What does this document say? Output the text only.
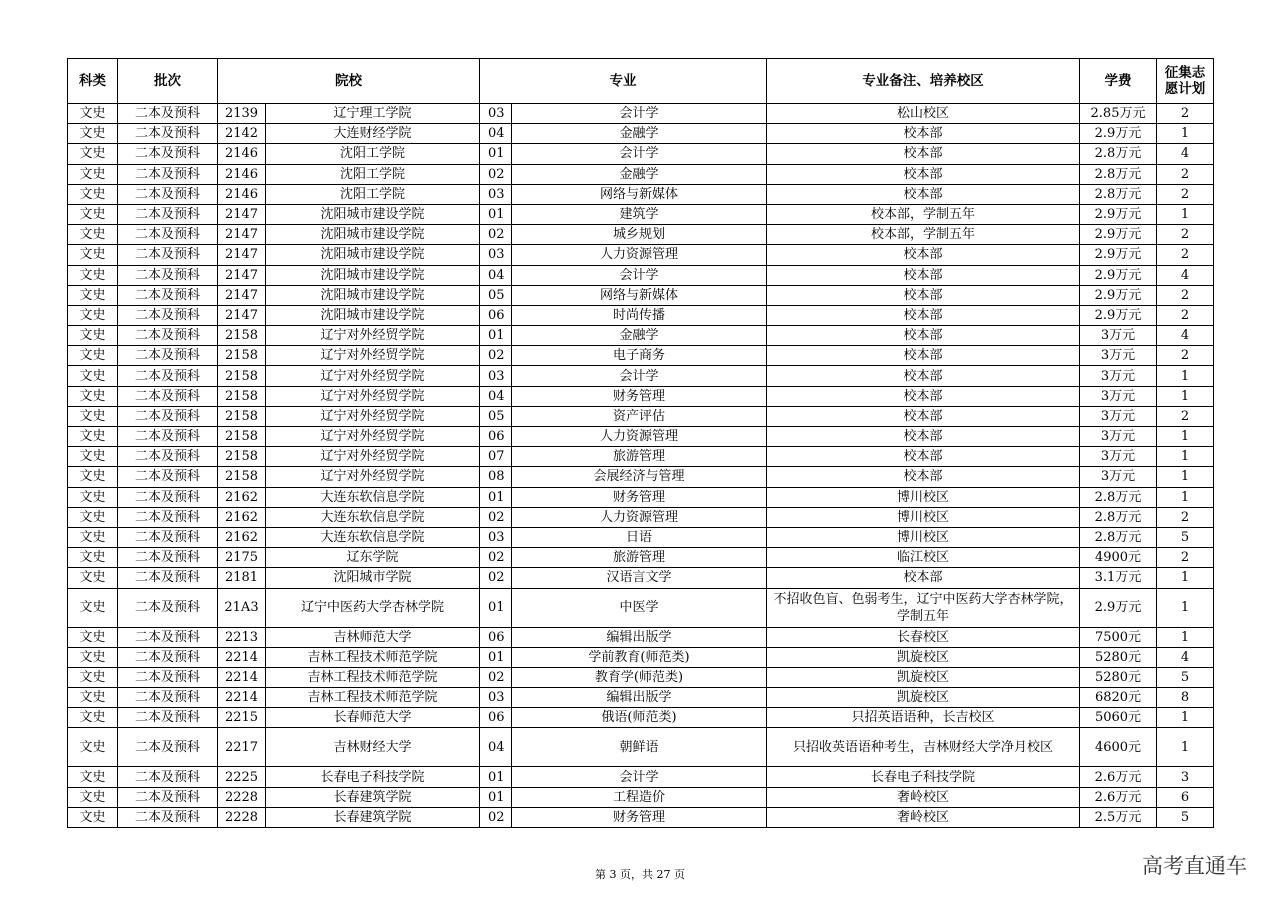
科类	批次	院校		专业		专业备注、培养校区	学费	征集志愿计划
文史	二本及预科	2139	辽宁理工学院	03	会计学	松山校区	2.85万元	2
文史	二本及预科	2142	大连财经学院	04	金融学	校本部	2.9万元	1
文史	二本及预科	2146	沈阳工学院	01	会计学	校本部	2.8万元	4
文史	二本及预科	2146	沈阳工学院	02	金融学	校本部	2.8万元	2
文史	二本及预科	2146	沈阳工学院	03	网络与新媒体	校本部	2.8万元	2
文史	二本及预科	2147	沈阳城市建设学院	01	建筑学	校本部，学制五年	2.9万元	1
文史	二本及预科	2147	沈阳城市建设学院	02	城乡规划	校本部，学制五年	2.9万元	2
文史	二本及预科	2147	沈阳城市建设学院	03	人力资源管理	校本部	2.9万元	2
文史	二本及预科	2147	沈阳城市建设学院	04	会计学	校本部	2.9万元	4
文史	二本及预科	2147	沈阳城市建设学院	05	网络与新媒体	校本部	2.9万元	2
文史	二本及预科	2147	沈阳城市建设学院	06	时尚传播	校本部	2.9万元	2
文史	二本及预科	2158	辽宁对外经贸学院	01	金融学	校本部	3万元	4
文史	二本及预科	2158	辽宁对外经贸学院	02	电子商务	校本部	3万元	2
文史	二本及预科	2158	辽宁对外经贸学院	03	会计学	校本部	3万元	1
文史	二本及预科	2158	辽宁对外经贸学院	04	财务管理	校本部	3万元	1
文史	二本及预科	2158	辽宁对外经贸学院	05	资产评估	校本部	3万元	2
文史	二本及预科	2158	辽宁对外经贸学院	06	人力资源管理	校本部	3万元	1
文史	二本及预科	2158	辽宁对外经贸学院	07	旅游管理	校本部	3万元	1
文史	二本及预科	2158	辽宁对外经贸学院	08	会展经济与管理	校本部	3万元	1
文史	二本及预科	2162	大连东软信息学院	01	财务管理	博川校区	2.8万元	1
文史	二本及预科	2162	大连东软信息学院	02	人力资源管理	博川校区	2.8万元	2
文史	二本及预科	2162	大连东软信息学院	03	日语	博川校区	2.8万元	5
文史	二本及预科	2175	辽东学院	02	旅游管理	临江校区	4900元	2
文史	二本及预科	2181	沈阳城市学院	02	汉语言文学	校本部	3.1万元	1
文史	二本及预科	21A3	辽宁中医药大学杏林学院	01	中医学	不招收色盲、色弱考生，辽宁中医药大学杏林学院，学制五年	2.9万元	1
文史	二本及预科	2213	吉林师范大学	06	编辑出版学	长春校区	7500元	1
文史	二本及预科	2214	吉林工程技术师范学院	01	学前教育(师范类)	凯旋校区	5280元	4
文史	二本及预科	2214	吉林工程技术师范学院	02	教育学(师范类)	凯旋校区	5280元	5
文史	二本及预科	2214	吉林工程技术师范学院	03	编辑出版学	凯旋校区	6820元	8
文史	二本及预科	2215	长春师范大学	06	俄语(师范类)	只招英语语种，长吉校区	5060元	1
文史	二本及预科	2217	吉林财经大学	04	朝鲜语	只招收英语语种考生，吉林财经大学净月校区	4600元	1
文史	二本及预科	2225	长春电子科技学院	01	会计学	长春电子科技学院	2.6万元	3
文史	二本及预科	2228	长春建筑学院	01	工程造价	奢岭校区	2.6万元	6
文史	二本及预科	2228	长春建筑学院	02	财务管理	奢岭校区	2.5万元	5
第 3 页，共 27 页	高考直通车
